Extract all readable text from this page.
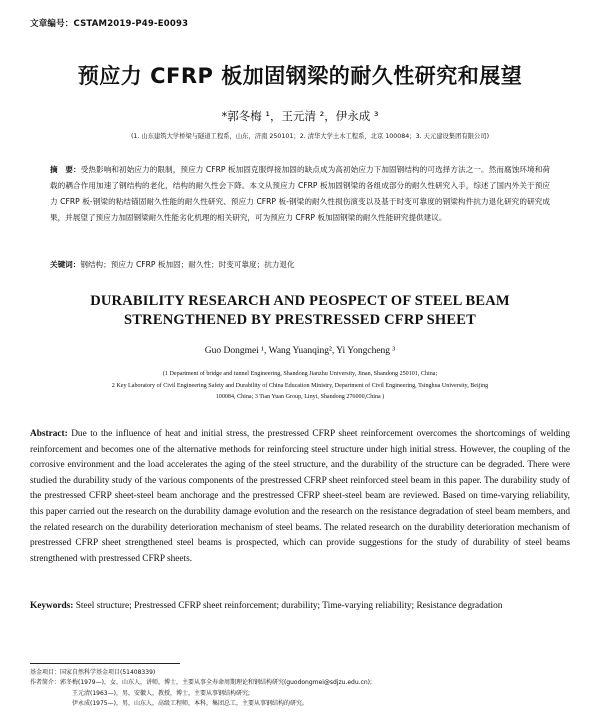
文章编号：CSTAM2019-P49-E0093
预应力 CFRP 板加固钢梁的耐久性研究和展望
*郭冬梅 ¹，王元清 ²，伊永成 ³
(1. 山东建筑大学桥梁与隧道工程系，山东，济南 250101；2. 清华大学土木工程系，北京 100084；3. 天元建设集团有限公司)
摘　要：受热影响和初始应力的限制，预应力 CFRP 板加固克服焊接加固的缺点成为高初始应力下加固钢结构的可选择方法之一。然而腐蚀环境和荷载的耦合作用加速了钢结构的老化，结构的耐久性会下降。本文从预应力 CFRP 板加固钢梁的各组成部分的耐久性研究入手，综述了国内外关于预应力 CFRP 板-钢梁的粘结锚固耐久性能的耐久性研究、预应力 CFRP 板-钢梁的耐久性损伤演变以及基于时变可靠度的钢梁构件抗力退化研究的研究成果，并展望了预应力加固钢梁耐久性能劣化机理的相关研究，可为预应力 CFRP 板加固钢梁的耐久性能研究提供建议。
关键词：钢结构；预应力 CFRP 板加固；耐久性；时变可靠度；抗力退化
DURABILITY RESEARCH AND PEOSPECT OF STEEL BEAM
STRENGTHENED BY PRESTRESSED CFRP SHEET
Guo Dongmei ¹, Wang Yuanqing², Yi Yongcheng ³
(1 Department of bridge and tunnel Engineering, Shandong Jianzhu University, Jinan, Shandong 250101, China;
2 Key Laboratory of Civil Engineering Safety and Durability of China Education Ministry, Department of Civil Engineering, Tsinghua University, Beijing
100084, China; 3 Tian Yuan Group, Linyi, Shandong 276000,China )
Abstract: Due to the influence of heat and initial stress, the prestressed CFRP sheet reinforcement overcomes the shortcomings of welding reinforcement and becomes one of the alternative methods for reinforcing steel structure under high initial stress. However, the coupling of the corrosive environment and the load accelerates the aging of the steel structure, and the durability of the structure can be degraded. There were studied the durability study of the various components of the prestressed CFRP sheet reinforced steel beam in this paper. The durability study of the prestressed CFRP sheet-steel beam anchorage and the prestressed CFRP sheet-steel beam are reviewed. Based on time-varying reliability, this paper carried out the research on the durability damage evolution and the research on the resistance degradation of steel beam members, and the related research on the durability deterioration mechanism of steel beams. The related research on the durability deterioration mechanism of prestressed CFRP sheet strengthened steel beams is prospected, which can provide suggestions for the study of durability of steel beams strengthened with prestressed CFRP sheets.
Keywords: Steel structure; Prestressed CFRP sheet reinforcement; durability; Time-varying reliability; Resistance degradation
基金项目：国家自然科学基金项目(51408339)
作者简介：郭冬梅(1979—)，女，山东人，讲师，博士，主要从事全寿命周期理论和钢结构研究(guodongmei@sdjzu.edu.cn);
王元清(1963—)，男，安徽人，教授，博士，主要从事钢结构研究;
伊永成(1975—)，男，山东人，高级工程师，本科，集团总工，主要从事钢结构的研究。
